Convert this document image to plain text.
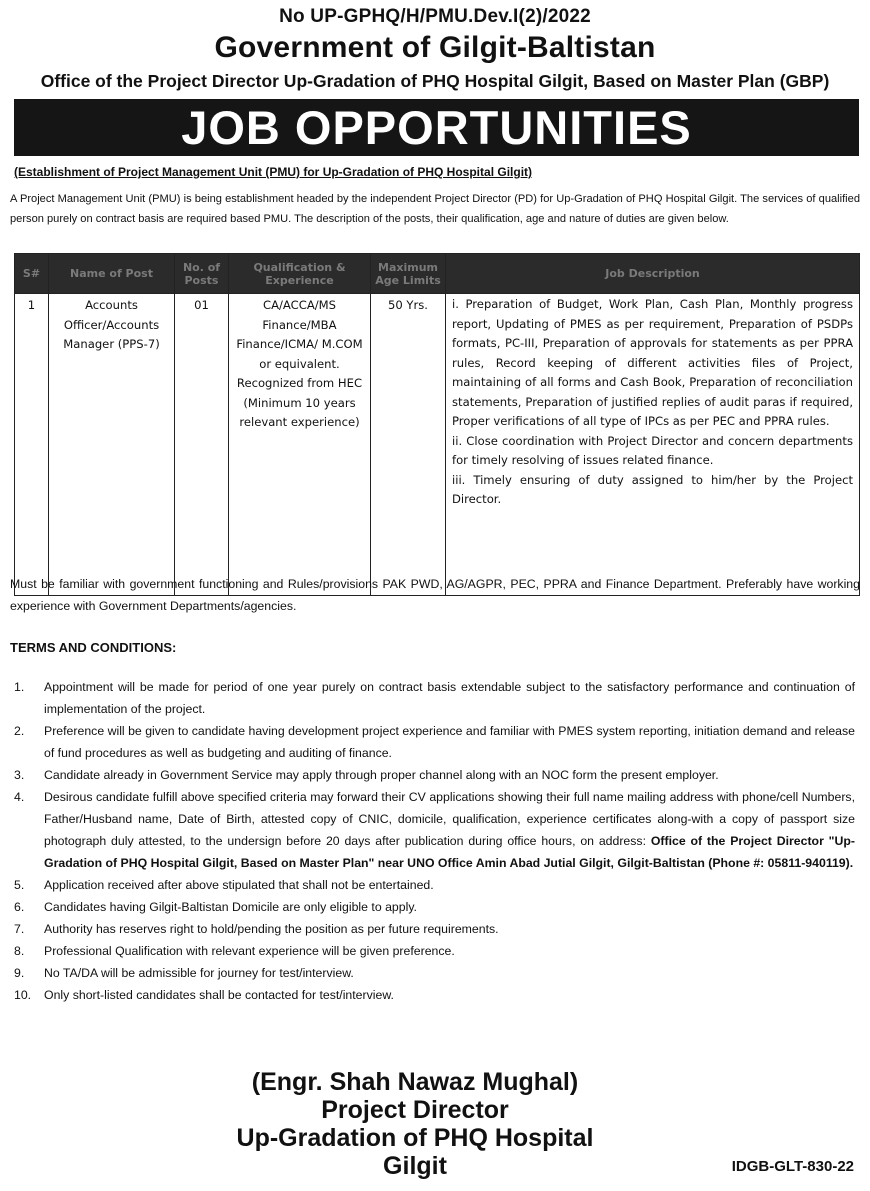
No UP-GPHQ/H/PMU.Dev.I(2)/2022
Government of Gilgit-Baltistan
Office of the Project Director Up-Gradation of PHQ Hospital Gilgit, Based on Master Plan (GBP)
JOB OPPORTUNITIES
(Establishment of Project Management Unit (PMU) for Up-Gradation of PHQ Hospital Gilgit)
A Project Management Unit (PMU) is being establishment headed by the independent Project Director (PD) for Up-Gradation of PHQ Hospital Gilgit. The services of qualified person purely on contract basis are required based PMU. The description of the posts, their qualification, age and nature of duties are given below.
S#	Name of Post	No. of Posts	Qualification & Experience	Maximum Age Limits	Job Description
1	Accounts Officer/Accounts Manager (PPS-7)	01	CA/ACCA/MS Finance/MBA Finance/ICMA/ M.COM or equivalent. Recognized from HEC (Minimum 10 years relevant experience)	50 Yrs.	i. Preparation of Budget, Work Plan, Cash Plan, Monthly progress report, Updating of PMES as per requirement, Preparation of PSDPs formats, PC-III, Preparation of approvals for statements as per PPRA rules, Record keeping of different activities files of Project, maintaining of all forms and Cash Book, Preparation of reconciliation statements, Preparation of justified replies of audit paras if required, Proper verifications of all type of IPCs as per PEC and PPRA rules.

ii. Close coordination with Project Director and concern departments for timely resolving of issues related finance.

iii. Timely ensuring of duty assigned to him/her by the Project Director.

Must be familiar with government functioning and Rules/provisions PAK PWD, AG/AGPR, PEC, PPRA and Finance Department. Preferably have working experience with Government Departments/agencies.
TERMS AND CONDITIONS:
1. Appointment will be made for period of one year purely on contract basis extendable subject to the satisfactory performance and continuation of implementation of the project.
2. Preference will be given to candidate having development project experience and familiar with PMES system reporting, initiation demand and release of fund procedures as well as budgeting and auditing of finance.
3. Candidate already in Government Service may apply through proper channel along with an NOC form the present employer.
4. Desirous candidate fulfill above specified criteria may forward their CV applications showing their full name mailing address with phone/cell Numbers, Father/Husband name, Date of Birth, attested copy of CNIC, domicile, qualification, experience certificates along-with a copy of passport size photograph duly attested, to the undersign before 20 days after publication during office hours, on address: Office of the Project Director "Up-Gradation of PHQ Hospital Gilgit, Based on Master Plan" near UNO Office Amin Abad Jutial Gilgit, Gilgit-Baltistan (Phone #: 05811-940119).
5. Application received after above stipulated that shall not be entertained.
6. Candidates having Gilgit-Baltistan Domicile are only eligible to apply.
7. Authority has reserves right to hold/pending the position as per future requirements.
8. Professional Qualification with relevant experience will be given preference.
9. No TA/DA will be admissible for journey for test/interview.
10. Only short-listed candidates shall be contacted for test/interview.
(Engr. Shah Nawaz Mughal)
Project Director
Up-Gradation of PHQ Hospital
Gilgit	IDGB-GLT-830-22
